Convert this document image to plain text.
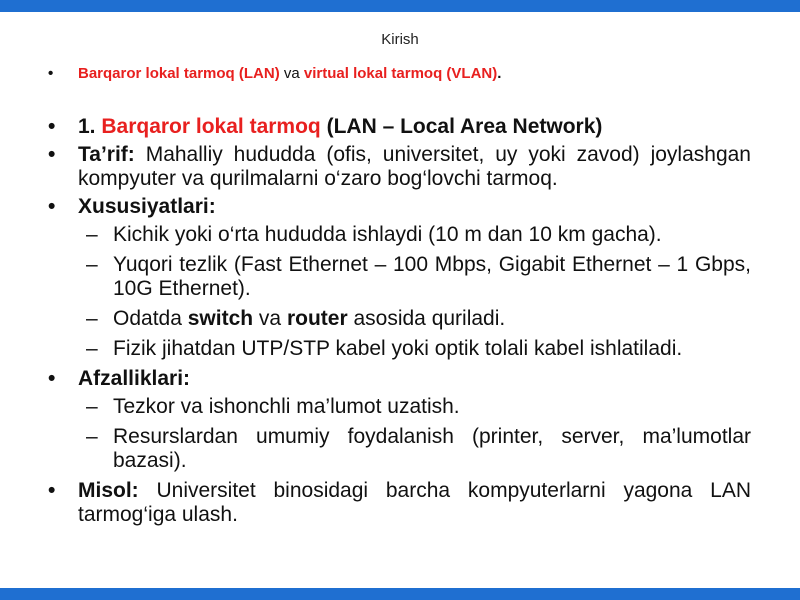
Kirish
•	Barqaror lokal tarmoq (LAN) va virtual lokal tarmoq (VLAN).
•	1. Barqaror lokal tarmoq (LAN – Local Area Network)
•	Ta’rif: Mahalliy hududda (ofis, universitet, uy yoki zavod) joylashgan kompyuter va qurilmalarni o‘zaro bog‘lovchi tarmoq.
•	Xususiyatlari:
– Kichik yoki o‘rta hududda ishlaydi (10 m dan 10 km gacha).
– Yuqori tezlik (Fast Ethernet – 100 Mbps, Gigabit Ethernet – 1 Gbps, 10G Ethernet).
– Odatda switch va router asosida quriladi.
– Fizik jihatdan UTP/STP kabel yoki optik tolali kabel ishlatiladi.
•	Afzalliklari:
– Tezkor va ishonchli ma’lumot uzatish.
– Resurslardan umumiy foydalanish (printer, server, ma’lumotlar bazasi).
•	Misol: Universitet binosidagi barcha kompyuterlarni yagona LAN tarmog‘iga ulash.
